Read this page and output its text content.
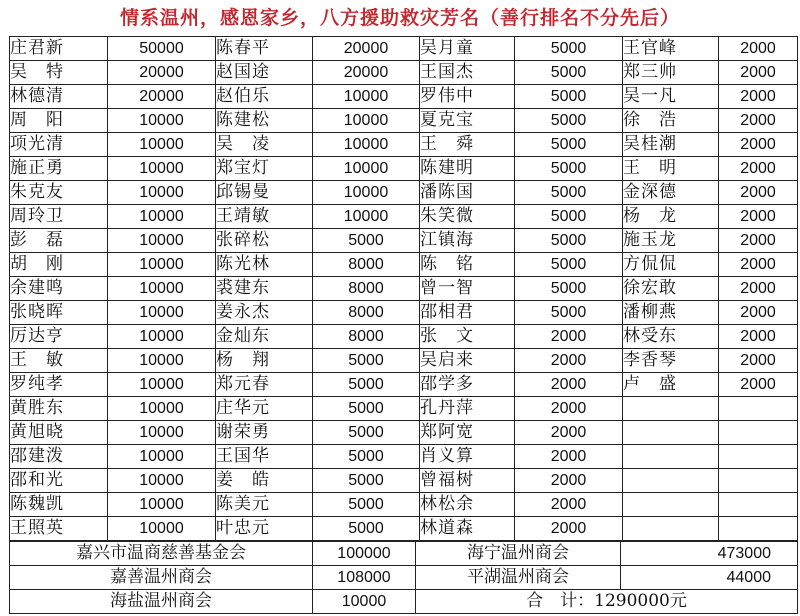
情系温州，感恩家乡，八方援助救灾芳名（善行排名不分先后）
庄君新	50000	陈春平	20000	吴月童	5000	王官峰	2000
吴　特	20000	赵国途	20000	王国杰	5000	郑三帅	2000
林德清	20000	赵伯乐	10000	罗伟中	5000	吴一凡	2000
周　阳	10000	陈建松	10000	夏克宝	5000	徐　浩	2000
项光清	10000	吴　凌	10000	王　舜	5000	吴桂潮	2000
施正勇	10000	郑宝灯	10000	陈建明	5000	王　明	2000
朱克友	10000	邱锡曼	10000	潘陈国	5000	金深德	2000
周玲卫	10000	王靖敏	10000	朱笑微	5000	杨　龙	2000
彭　磊	10000	张碎松	5000	江镇海	5000	施玉龙	2000
胡　刚	10000	陈光林	8000	陈　铭	5000	方侃侃	2000
余建鸣	10000	裘建东	8000	曾一智	5000	徐宏敢	2000
张晓晖	10000	姜永杰	8000	邵相君	5000	潘柳燕	2000
厉达亨	10000	金灿东	8000	张　文	2000	林受东	2000
王　敏	10000	杨　翔	5000	吴启来	2000	李香琴	2000
罗纯孝	10000	郑元春	5000	邵学多	2000	卢　盛	2000
黄胜东	10000	庄华元	5000	孔丹萍	2000		
黄旭晓	10000	谢荣勇	5000	郑阿宽	2000		
邵建泼	10000	王国华	5000	肖义算	2000		
邵和光	10000	姜　皓	5000	曾福树	2000		
陈魏凯	10000	陈美元	5000	林松余	2000		
王照英	10000	叶忠元	5000	林道森	2000		
嘉兴市温商慈善基金会	100000	海宁温州商会	473000
嘉善温州商会	108000	平湖温州商会	44000
海盐温州商会	10000	合　计：1290000元	
